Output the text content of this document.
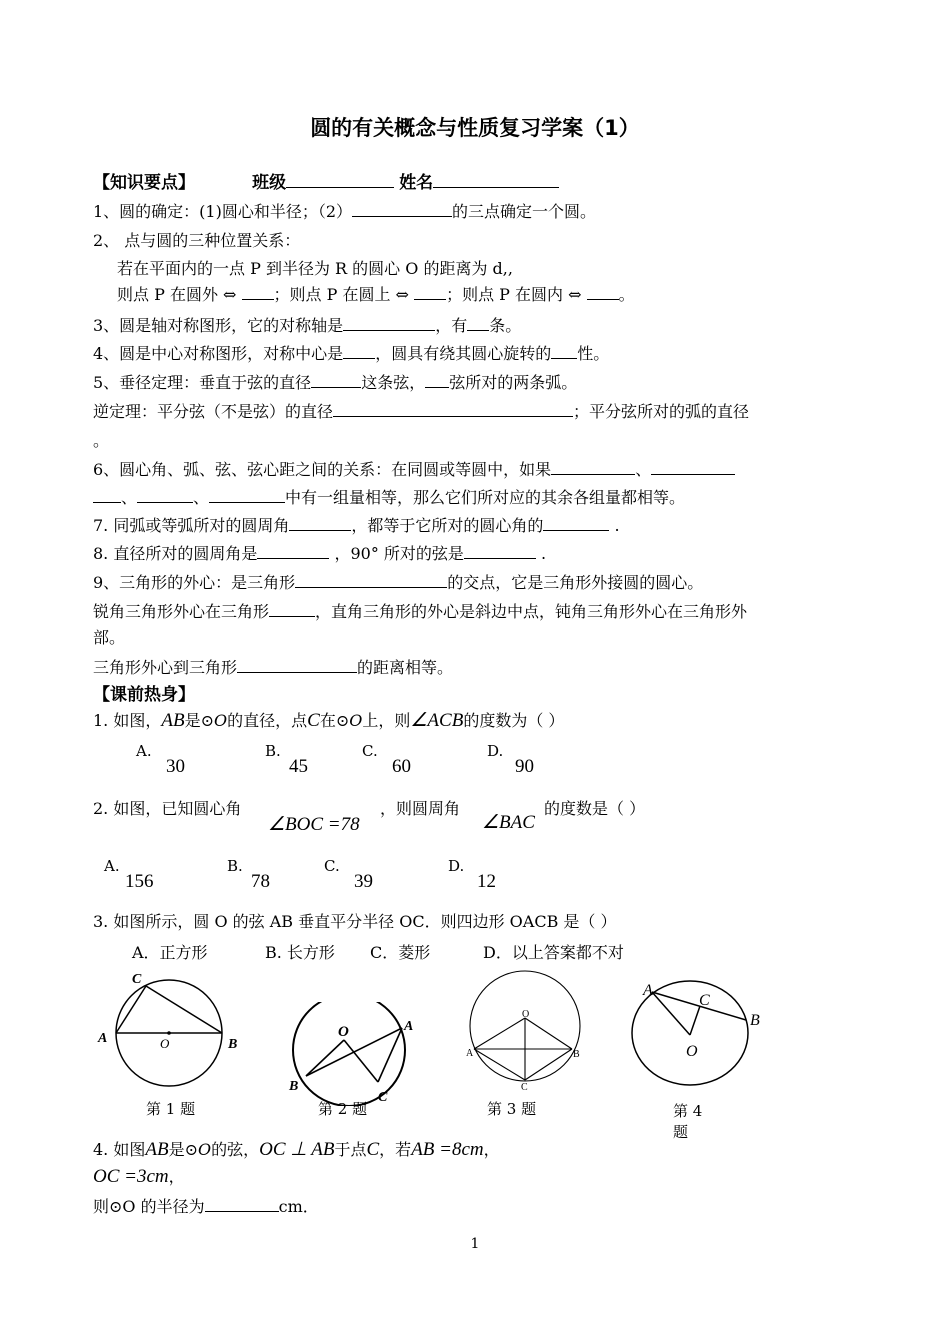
圆的有关概念与性质复习学案（1）
【知识要点】	班级	姓名
1、圆的确定：(1)圆心和半径；（2）	的三点确定一个圆。
2、 点与圆的三种位置关系：
若在平面内的一点 P 到半径为 R 的圆心 O 的距离为 d,,
则点 P 在圆外 ⇔ ；则点 P 在圆上 ⇔ ；则点 P 在圆内 ⇔ 。
3、圆是轴对称图形，它的对称轴是	，有 条。
4、圆是中心对称图形，对称中心是 ，圆具有绕其圆心旋转的 性。
5、垂径定理：垂直于弦的直径	这条弦， 弦所对的两条弧。
逆定理：平分弦（不是弦）的直径	；平分弦所对的弧的直径
。
6、圆心角、弧、弦、弦心距之间的关系：在同圆或等圆中，如果	、
、	、	中有一组量相等，那么它们所对应的其余各组量都相等。
7. 同弧或等弧所对的圆周角	，都等于它所对的圆心角的	.
8. 直径所对的圆周角是	，90° 所对的弦是	.
9、三角形的外心：是三角形	的交点，它是三角形外接圆的圆心。
锐角三角形外心在三角形	，直角三角形的外心是斜边中点，钝角三角形外心在三角形外
部。
三角形外心到三角形	的距离相等。
【课前热身】
1. 如图，AB是⊙O的直径，点C在⊙O上，则∠ACB的度数为（ ）
A.
30
B.
45
C.
60
D.
90
2. 如图，已知圆心角
∠BOC =78
，则圆周角
∠BAC
的度数是（ ）
A.
156
B.
78
C.
39
D.
12
3. 如图所示，圆 O 的弦 AB 垂直平分半径 OC．则四边形 OACB 是（ ）
A．正方形	B. 长方形 C．菱形	D．以上答案都不对
C
A	O	B
第 1 题
O	A
B
C
第 2 题
O
A	B
C
第 3 题
A
C
B
O
第 4
题
4. 如图AB是⊙O的弦，OC ⊥ AB于点C，若AB =8cm，
OC =3cm，
则⊙O 的半径为	cm．
1
